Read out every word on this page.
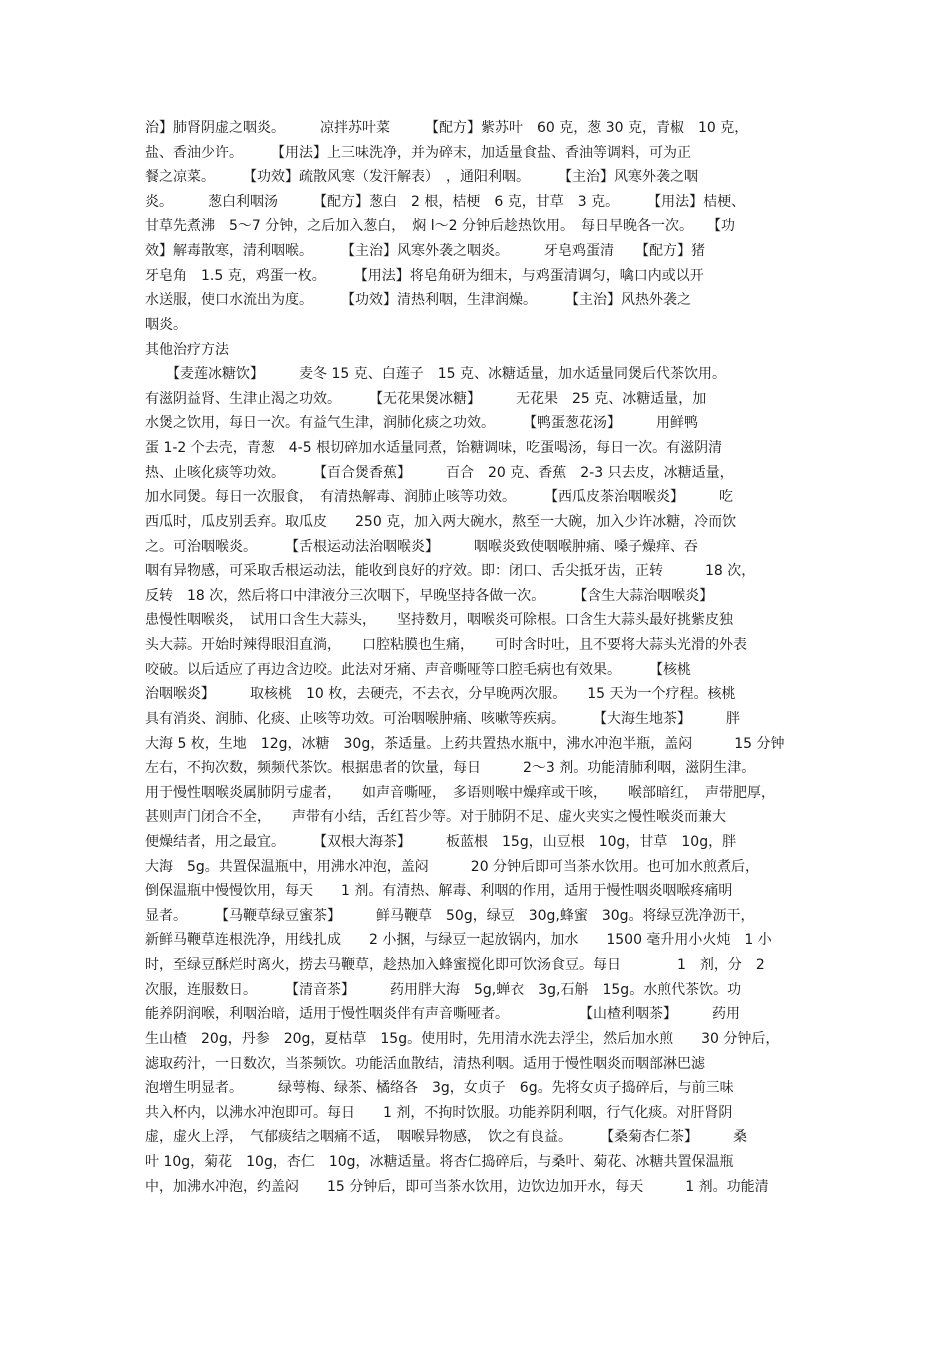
治】肺肾阴虚之咽炎。　　　凉拌苏叶菜　　　【配方】紫苏叶　60 克，葱 30 克，青椒　10 克，
盐、香油少许。　　　【用法】上三味洗净，并为碎末，加适量食盐、香油等调料，可为正
餐之凉菜。　　　【功效】疏散风寒（发汗解表）　，通阳利咽。　　　【主治】风寒外袭之咽
炎。　　　葱白利咽汤　　　【配方】葱白　2 根，桔梗　6 克，甘草　3 克。　　　【用法】桔梗、
甘草先煮沸　5～7 分钟，之后加入葱白，　焖 l～2 分钟后趁热饮用。　每日早晚各一次。　　【功
效】解毒散寒，清利咽喉。　　　【主治】风寒外袭之咽炎。　　　牙皂鸡蛋清　　【配方】猪
牙皂角　1.5 克，鸡蛋一枚。　　　【用法】将皂角研为细末，与鸡蛋清调匀，噙口内或以开
水送服，使口水流出为度。　　　【功效】清热利咽，生津润燥。　　　【主治】风热外袭之
咽炎。
其他治疗方法
　　【麦莲冰糖饮】　　　麦冬 15 克、白莲子　15 克、冰糖适量，加水适量同煲后代茶饮用。
有滋阴益肾、生津止渴之功效。　　　【无花果煲冰糖】　　　无花果　25 克、冰糖适量，加
水煲之饮用，每日一次。有益气生津，润肺化痰之功效。　　　【鸭蛋葱花汤】　　　用鲜鸭
蛋 1-2 个去壳，青葱　4-5 根切碎加水适量同煮，饴糖调味，吃蛋喝汤，每日一次。有滋阴清
热、止咳化痰等功效。　　　【百合煲香蕉】　　　百合　20 克、香蕉　2-3 只去皮，冰糖适量，
加水同煲。每日一次服食，　有清热解毒、润肺止咳等功效。　　　【西瓜皮茶治咽喉炎】　　　吃
西瓜时，瓜皮别丢弃。取瓜皮　　250 克，加入两大碗水，熬至一大碗，加入少许冰糖，冷而饮
之。可治咽喉炎。　　　【舌根运动法治咽喉炎】　　　咽喉炎致使咽喉肿痛、嗓子燥痒、吞
咽有异物感，可采取舌根运动法，能收到良好的疗效。即：闭口、舌尖抵牙齿，正转　　　18 次，
反转　18 次，然后将口中津液分三次咽下，早晚坚持各做一次。　　　【含生大蒜治咽喉炎】
患慢性咽喉炎，　试用口含生大蒜头，　　坚持数月，咽喉炎可除根。口含生大蒜头最好挑紫皮独
头大蒜。开始时辣得眼泪直淌，　　口腔粘膜也生痛，　　可时含时吐，且不要将大蒜头光滑的外表
咬破。以后适应了再边含边咬。此法对牙痛、声音嘶哑等口腔毛病也有效果。　　　【核桃
治咽喉炎】　　　取核桃　10 枚，去硬壳，不去衣，分早晚两次服。　　15 天为一个疗程。核桃
具有消炎、润肺、化痰、止咳等功效。可治咽喉肿痛、咳嗽等疾病。　　　【大海生地茶】　　　胖
大海 5 枚，生地　12g，冰糖　30g，茶适量。上药共置热水瓶中，沸水冲泡半瓶，盖闷　　　15 分钟
左右，不拘次数，频频代茶饮。根据患者的饮量，每日　　　2～3 剂。功能清肺利咽，滋阴生津。
用于慢性咽喉炎属肺阴亏虚者，　　如声音嘶哑，　多语则喉中燥痒或干咳，　　喉部暗红，　声带肥厚，
甚则声门闭合不全，　　声带有小结，舌红苔少等。对于肺阴不足、虚火夹实之慢性喉炎而兼大
便燥结者，用之最宜。　　　【双根大海茶】　　　板蓝根　15g，山豆根　10g，甘草　10g，胖
大海　5g。共置保温瓶中，用沸水冲泡，盖闷　　　20 分钟后即可当茶水饮用。也可加水煎煮后，
倒保温瓶中慢慢饮用，每天　　1 剂。有清热、解毒、利咽的作用，适用于慢性咽炎咽喉疼痛明
显者。　　　【马鞭草绿豆蜜茶】　　　鲜马鞭草　50g，绿豆　30g,蜂蜜　30g。将绿豆洗净沥干，
新鲜马鞭草连根洗净，用线扎成　　2 小捆，与绿豆一起放锅内，加水　　1500 毫升用小火炖　1 小
时，至绿豆酥烂时离火，捞去马鞭草，趁热加入蜂蜜搅化即可饮汤食豆。每日　　　　1　剂，分　2
次服，连服数日。　　　【清音茶】　　　药用胖大海　5g,蝉衣　3g,石斛　15g。水煎代茶饮。功
能养阴润喉，利咽治暗，适用于慢性咽炎伴有声音嘶哑者。　　　　　　【山楂利咽茶】　　　药用
生山楂　20g，丹参　20g，夏枯草　15g。使用时，先用清水洗去浮尘，然后加水煎　　30 分钟后，
滤取药汁，一日数次，当茶频饮。功能活血散结，清热利咽。适用于慢性咽炎而咽部淋巴滤
泡增生明显者。　　　绿萼梅、绿茶、橘络各　3g，女贞子　6g。先将女贞子捣碎后，与前三味
共入杯内，以沸水冲泡即可。每日　　1 剂，不拘时饮服。功能养阴利咽，行气化痰。对肝肾阴
虚，虚火上浮，　气郁痰结之咽痛不适，　咽喉异物感，　饮之有良益。　　　【桑菊杏仁茶】　　　桑
叶 10g，菊花　10g，杏仁　10g，冰糖适量。将杏仁捣碎后，与桑叶、菊花、冰糖共置保温瓶
中，加沸水冲泡，约盖闷　　15 分钟后，即可当茶水饮用，边饮边加开水，每天　　　1 剂。功能清
